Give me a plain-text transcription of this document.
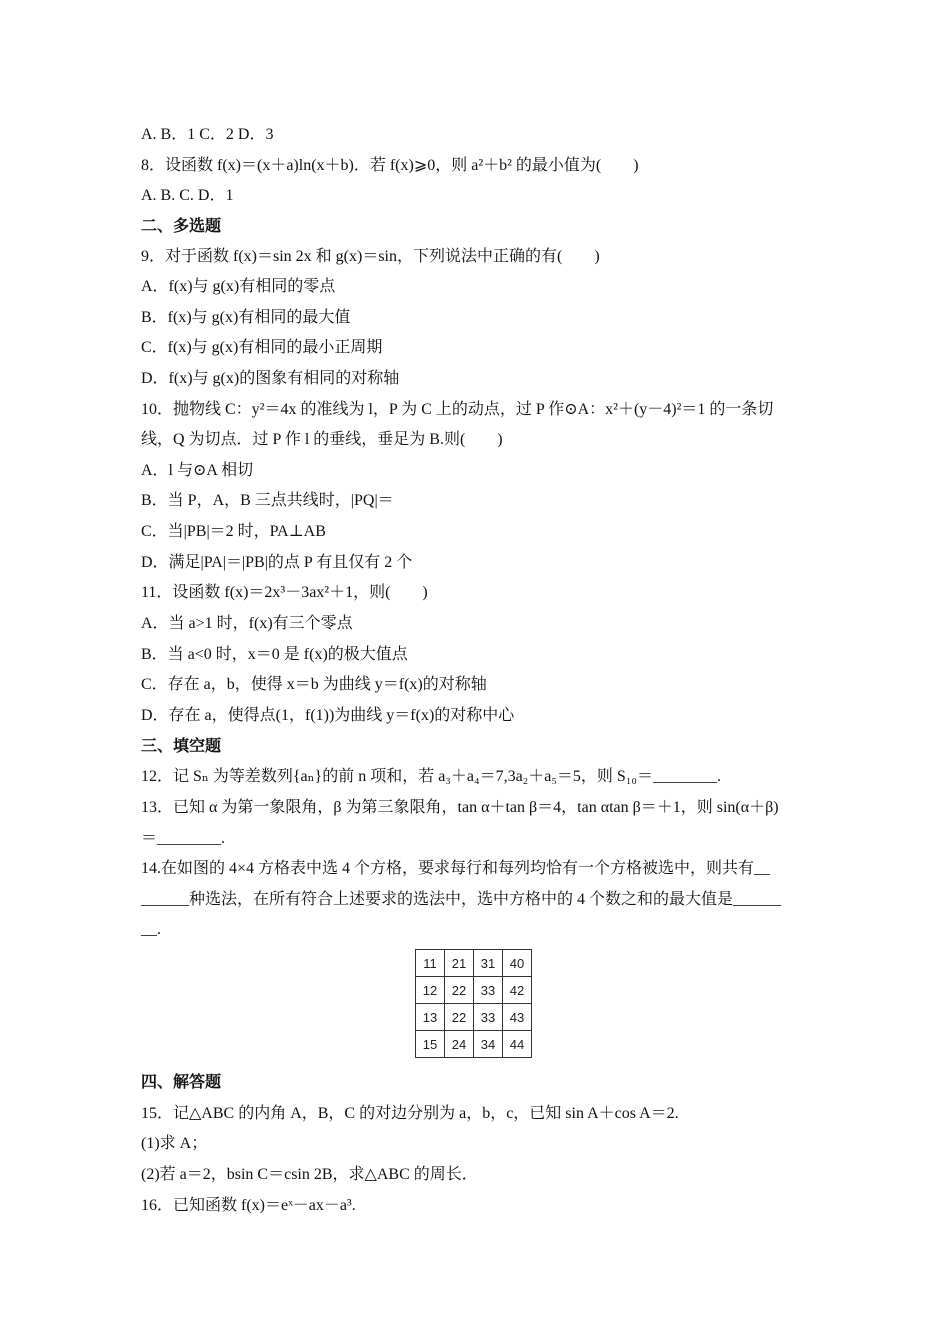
A. B．1 C．2 D．3
8．设函数 f(x)＝(x＋a)ln(x＋b)．若 f(x)⩾0，则 a²＋b² 的最小值为(　　)
A. B. C. D．1
二、多选题
9．对于函数 f(x)＝sin 2x 和 g(x)＝sin，下列说法中正确的有(　　)
A．f(x)与 g(x)有相同的零点
B．f(x)与 g(x)有相同的最大值
C．f(x)与 g(x)有相同的最小正周期
D．f(x)与 g(x)的图象有相同的对称轴
10．抛物线 C：y²＝4x 的准线为 l，P 为 C 上的动点，过 P 作⊙A：x²＋(y－4)²＝1 的一条切
线，Q 为切点．过 P 作 l 的垂线，垂足为 B.则(　　)
A．l 与⊙A 相切
B．当 P，A，B 三点共线时，|PQ|＝
C．当|PB|＝2 时，PA⊥AB
D．满足|PA|＝|PB|的点 P 有且仅有 2 个
11．设函数 f(x)＝2x³－3ax²＋1，则(　　)
A．当 a>1 时，f(x)有三个零点
B．当 a<0 时，x＝0 是 f(x)的极大值点
C．存在 a，b，使得 x＝b 为曲线 y＝f(x)的对称轴
D．存在 a，使得点(1，f(1))为曲线 y＝f(x)的对称中心
三、填空题
12．记 Sₙ 为等差数列{aₙ}的前 n 项和，若 a₃＋a₄＝7,3a₂＋a₅＝5，则 S₁₀＝________.
13．已知 α 为第一象限角，β 为第三象限角，tan α＋tan β＝4，tan αtan β＝＋1，则 sin(α＋β)
＝________.
14.在如图的 4×4 方格表中选 4 个方格，要求每行和每列均恰有一个方格被选中，则共有__
______种选法，在所有符合上述要求的选法中，选中方格中的 4 个数之和的最大值是______
__.
11	21	31	40
12	22	33	42
13	22	33	43
15	24	34	44
四、解答题
15．记△ABC 的内角 A，B，C 的对边分别为 a，b，c，已知 sin A＋cos A＝2.
(1)求 A；
(2)若 a＝2，bsin C＝csin 2B，求△ABC 的周长．
16．已知函数 f(x)＝eˣ－ax－a³.
